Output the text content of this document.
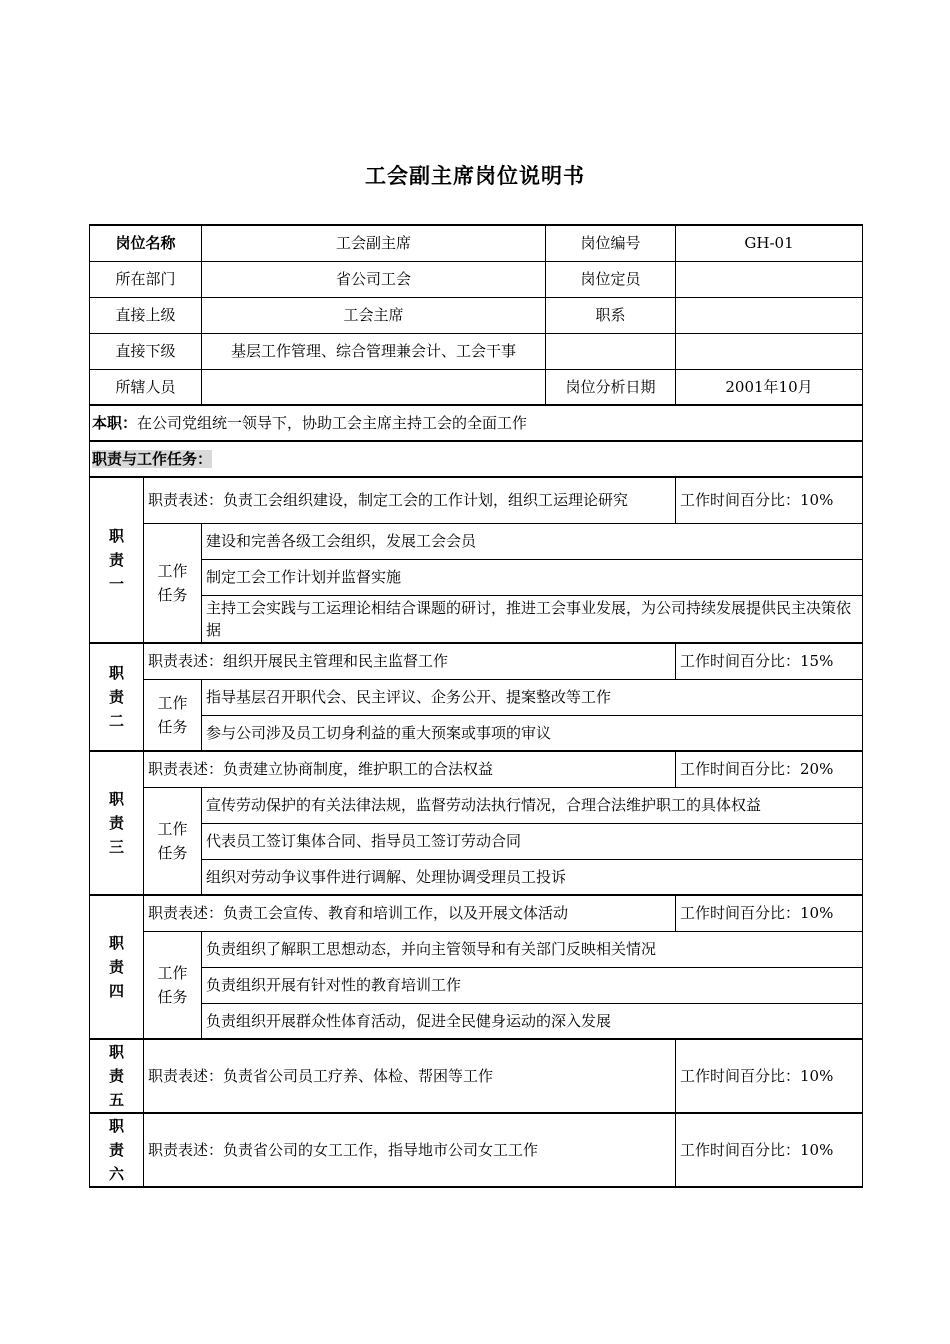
工会副主席岗位说明书
岗位名称		工会副主席	岗位编号	GH-01
所在部门		省公司工会	岗位定员	
直接上级		工会主席	职系	
直接下级		基层工作管理、综合管理兼会计、工会干事		
所辖人员			岗位分析日期	2001年10月
本职：在公司党组统一领导下，协助工会主席主持工会的全面工作				
职责与工作任务：				
职责一	职责表述：负责工会组织建设，制定工会的工作计划，组织工运理论研究			工作时间百分比：10%
	工作任务	建设和完善各级工会组织，发展工会会员		
		制定工会工作计划并监督实施		
		主持工会实践与工运理论相结合课题的研讨，推进工会事业发展，为公司持续发展提供民主决策依据		
职责二	职责表述：组织开展民主管理和民主监督工作			工作时间百分比：15%
	工作任务	指导基层召开职代会、民主评议、企务公开、提案整改等工作		
		参与公司涉及员工切身利益的重大预案或事项的审议		
职责三	职责表述：负责建立协商制度，维护职工的合法权益			工作时间百分比：20%
	工作任务	宣传劳动保护的有关法律法规，监督劳动法执行情况，合理合法维护职工的具体权益		
		代表员工签订集体合同、指导员工签订劳动合同		
		组织对劳动争议事件进行调解、处理协调受理员工投诉		
职责四	职责表述：负责工会宣传、教育和培训工作，以及开展文体活动			工作时间百分比：10%
	工作任务	负责组织了解职工思想动态，并向主管领导和有关部门反映相关情况		
		负责组织开展有针对性的教育培训工作		
		负责组织开展群众性体育活动，促进全民健身运动的深入发展		
职责五	职责表述：负责省公司员工疗养、体检、帮困等工作			工作时间百分比：10%
职责六	职责表述：负责省公司的女工工作，指导地市公司女工工作			工作时间百分比：10%
